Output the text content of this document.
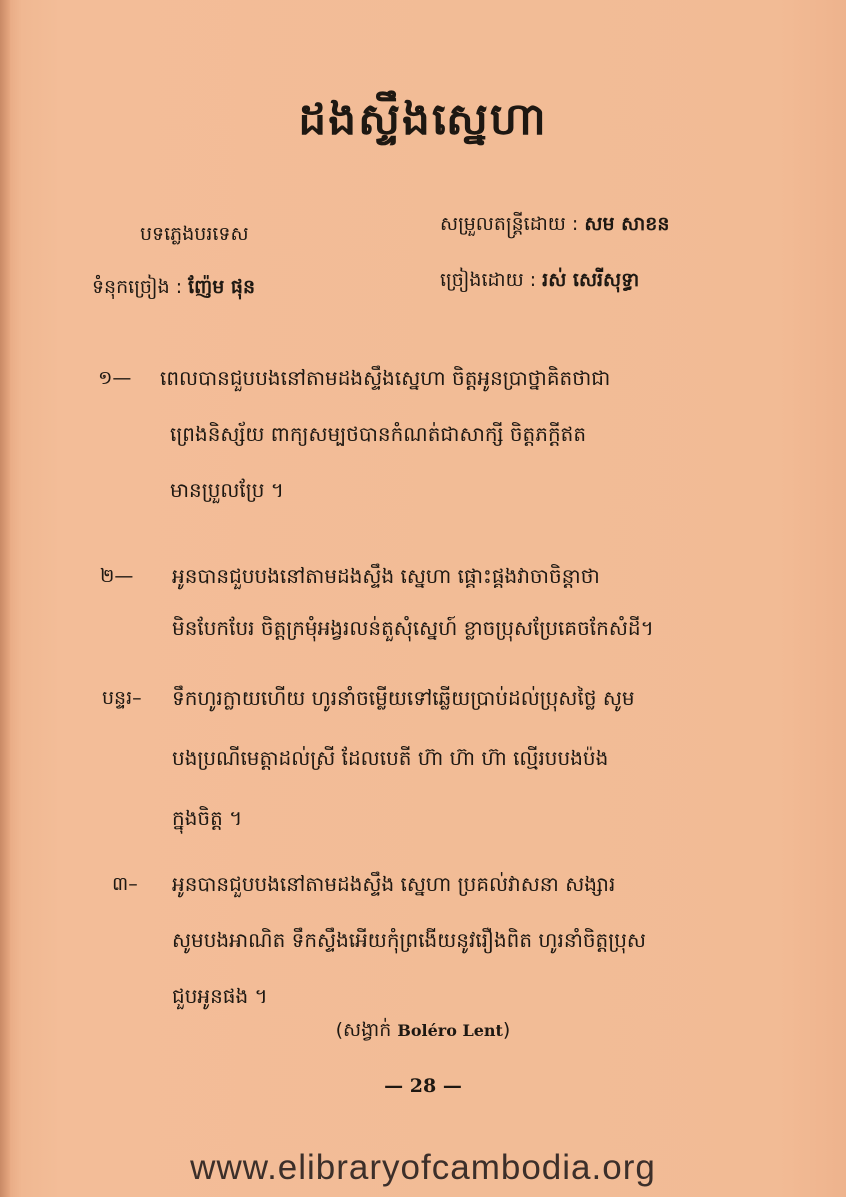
ដងស្ទឹងស្នេហា
បទភ្លេងបរទេស	សម្រួលតន្ត្រីដោយ : សម សាខន
ទំនុកច្រៀង : ញ៉ែម ផុន	ច្រៀងដោយ : រស់ សេរីសុទ្ធា
១— ពេលបានជួបបងនៅតាមដងស្ទឹងស្នេហា ចិត្តអូនប្រាថ្នាគិតថាជា
ព្រេងនិស្ស័យ ពាក្យសម្បថបានកំណត់ជាសាក្សី ចិត្តភក្តីឥត
មានប្រួលប្រែ ។
២— អូនបានជួបបងនៅតាមដងស្ទឹង ស្នេហា ផ្គោះផ្គងវាចាចិន្តាថា
មិនបែកបែរ ចិត្តក្រមុំអង្វរលន់តួសុំស្នេហ៍ ខ្លាចប្រុសប្រែគេចកែសំដី។
បន្ទរ– ទឹកហូរក្លាយហើយ ហូរនាំចម្លើយទៅឆ្លើយប្រាប់ដល់ប្រុសថ្លៃ សូម
បងប្រណីមេត្តាដល់ស្រី ដែលបេតី ហ៊ា ហ៊ា ហ៊ា ល្មើរបបងប៉ង
ក្នុងចិត្ត ។
៣– អូនបានជួបបងនៅតាមដងស្ទឹង ស្នេហា ប្រគល់វាសនា សង្សារ
សូមបងអាណិត ទឹកស្ទឹងអើយកុំព្រងើយនូវរឿងពិត ហូរនាំចិត្តប្រុស
ជួបអូនផង ។
(សង្វាក់ Boléro Lent)
— 28 —
www.elibraryofcambodia.org
